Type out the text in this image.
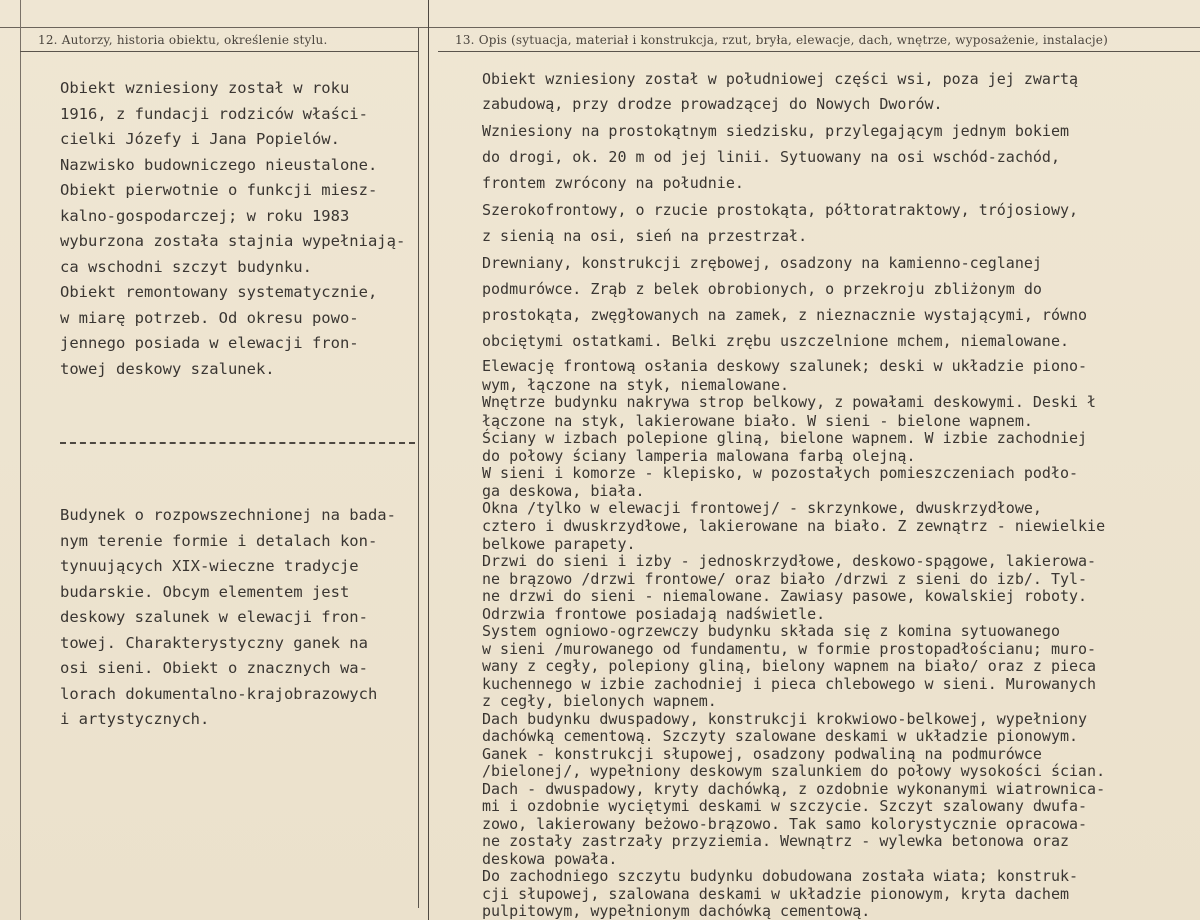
12. Autorzy, historia obiektu, określenie stylu.	13. Opis (sytuacja, materiał i konstrukcja, rzut, bryła, elewacje, dach, wnętrze, wyposażenie, instalacje)
Obiekt wzniesiony został w roku
1916, z fundacji rodziców właści-
cielki Józefy i Jana Popielów.
Nazwisko budowniczego nieustalone.
Obiekt pierwotnie o funkcji miesz-
kalno-gospodarczej; w roku 1983
wyburzona została stajnia wypełniają-
ca wschodni szczyt budynku.
Obiekt remontowany systematycznie,
w miarę potrzeb. Od okresu powo-
jennego posiada w elewacji fron-
towej deskowy szalunek.
Budynek o rozpowszechnionej na bada-
nym terenie formie i detalach kon-
tynuujących XIX-wieczne tradycje
budarskie. Obcym elementem jest
deskowy szalunek w elewacji fron-
towej. Charakterystyczny ganek na
osi sieni. Obiekt o znacznych wa-
lorach dokumentalno-krajobrazowych
i artystycznych.
Obiekt wzniesiony został w południowej części wsi, poza jej zwartą
zabudową, przy drodze prowadzącej do Nowych Dworów.
Wzniesiony na prostokątnym siedzisku, przylegającym jednym bokiem
do drogi, ok. 20 m od jej linii. Sytuowany na osi wschód-zachód,
frontem zwrócony na południe.
Szerokofrontowy, o rzucie prostokąta, półtoratraktowy, trójosiowy,
z sienią na osi, sień na przestrzał.
Drewniany, konstrukcji zrębowej, osadzony na kamienno-ceglanej
podmurówce. Zrąb z belek obrobionych, o przekroju zbliżonym do
prostokąta, zwęgłowanych na zamek, z nieznacznie wystającymi, równo
obciętymi ostatkami. Belki zrębu uszczelnione mchem, niemalowane.
Elewację frontową osłania deskowy szalunek; deski w układzie piono-
wym, łączone na styk, niemalowane.
Wnętrze budynku nakrywa strop belkowy, z powałami deskowymi. Deski ł
łączone na styk, lakierowane biało. W sieni - bielone wapnem.
Ściany w izbach polepione gliną, bielone wapnem. W izbie zachodniej
do połowy ściany lamperia malowana farbą olejną.
W sieni i komorze - klepisko, w pozostałych pomieszczeniach podło-
ga deskowa, biała.
Okna /tylko w elewacji frontowej/ - skrzynkowe, dwuskrzydłowe,
cztero i dwuskrzydłowe, lakierowane na biało. Z zewnątrz - niewielkie
belkowe parapety.
Drzwi do sieni i izby - jednoskrzydłowe, deskowo-spągowe, lakierowa-
ne brązowo /drzwi frontowe/ oraz biało /drzwi z sieni do izb/. Tyl-
ne drzwi do sieni - niemalowane. Zawiasy pasowe, kowalskiej roboty.
Odrzwia frontowe posiadają nadświetle.
System ogniowo-ogrzewczy budynku składa się z komina sytuowanego
w sieni /murowanego od fundamentu, w formie prostopadłościanu; muro-
wany z cegły, polepiony gliną, bielony wapnem na biało/ oraz z pieca
kuchennego w izbie zachodniej i pieca chlebowego w sieni. Murowanych
z cegły, bielonych wapnem.
Dach budynku dwuspadowy, konstrukcji krokwiowo-belkowej, wypełniony
dachówką cementową. Szczyty szalowane deskami w układzie pionowym.
Ganek - konstrukcji słupowej, osadzony podwaliną na podmurówce
/bielonej/, wypełniony deskowym szalunkiem do połowy wysokości ścian.
Dach - dwuspadowy, kryty dachówką, z ozdobnie wykonanymi wiatrownica-
mi i ozdobnie wyciętymi deskami w szczycie. Szczyt szalowany dwufa-
zowo, lakierowany beżowo-brązowo. Tak samo kolorystycznie opracowa-
ne zostały zastrzały przyziemia. Wewnątrz - wylewka betonowa oraz
deskowa powała.
Do zachodniego szczytu budynku dobudowana została wiata; konstruk-
cji słupowej, szalowana deskami w układzie pionowym, kryta dachem
pulpitowym, wypełnionym dachówką cementową.
